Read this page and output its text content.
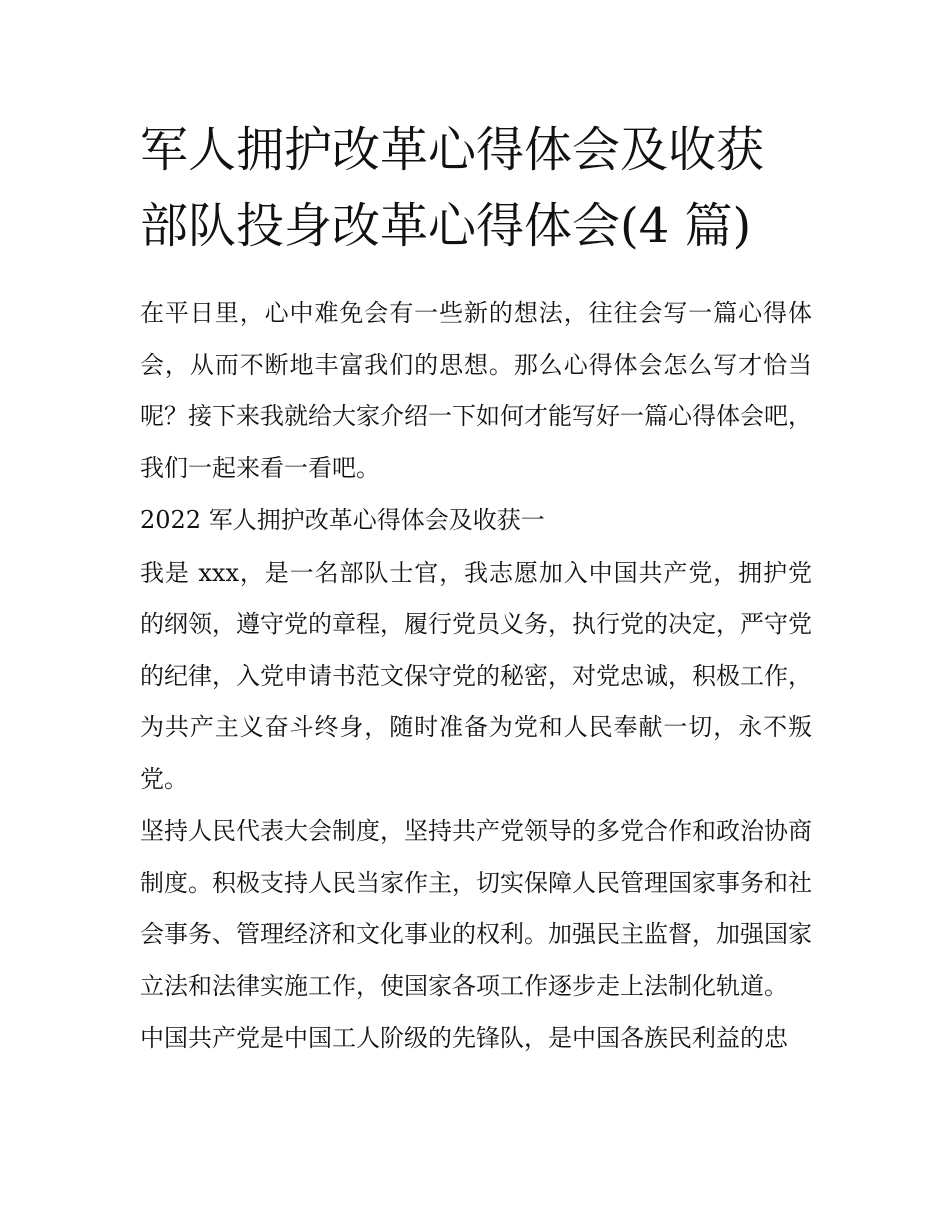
军人拥护改革心得体会及收获
部队投身改革心得体会(4 篇)

在平日里，心中难免会有一些新的想法，往往会写一篇心得体会，从而不断地丰富我们的思想。那么心得体会怎么写才恰当呢？接下来我就给大家介绍一下如何才能写好一篇心得体会吧，我们一起来看一看吧。

2022 军人拥护改革心得体会及收获一

我是 xxx，是一名部队士官，我志愿加入中国共产党，拥护党的纲领，遵守党的章程，履行党员义务，执行党的决定，严守党的纪律，入党申请书范文保守党的秘密，对党忠诚，积极工作，为共产主义奋斗终身，随时准备为党和人民奉献一切，永不叛党。

坚持人民代表大会制度，坚持共产党领导的多党合作和政治协商制度。积极支持人民当家作主，切实保障人民管理国家事务和社会事务、管理经济和文化事业的权利。加强民主监督，加强国家立法和法律实施工作，使国家各项工作逐步走上法制化轨道。

中国共产党是中国工人阶级的先锋队，是中国各族民利益的忠
